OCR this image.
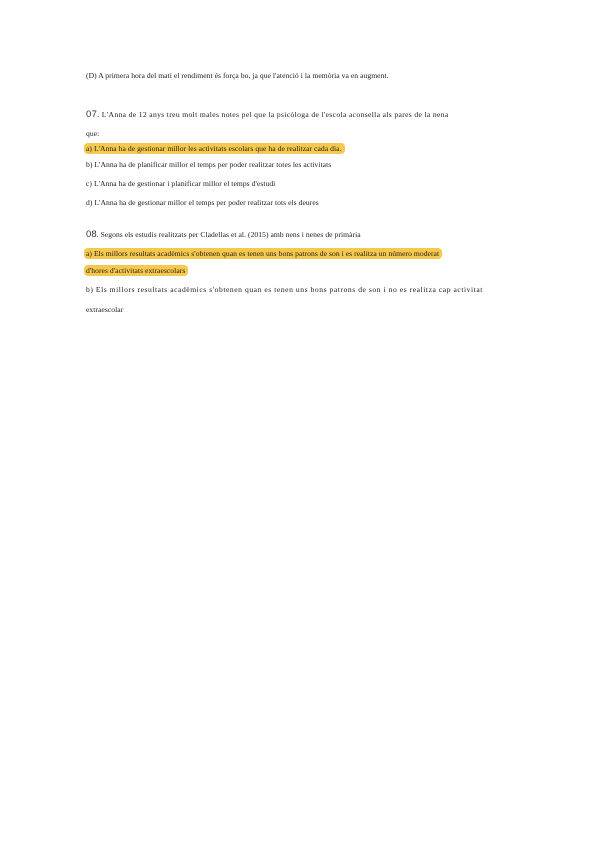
(D) A primera hora del matí el rendiment és força bo, ja que l'atenció i la memòria va en augment.
07. L'Anna de 12 anys treu molt males notes pel que la psicòloga de l'escola aconsella als pares de la nena
que:
a) L'Anna ha de gestionar millor les activitats escolars que ha de realitzar cada dia.
b) L'Anna ha de planificar millor el temps per poder realitzar totes les activitats
c) L'Anna ha de gestionar i planificar millor el temps d'estudi
d) L'Anna ha de gestionar millor el temps per poder realitzar tots els deures
08. Segons els estudis realitzats per Cladellas et al. (2015) amb nens i nenes de primària
a) Els millors resultats acadèmics s'obtenen quan es tenen uns bons patrons de son i es realitza un número moderat
d'hores d'activitats extraescolars
b) Els millors resultats acadèmics s'obtenen quan es tenen uns bons patrons de son i no es realitza cap activitat
extraescolar
